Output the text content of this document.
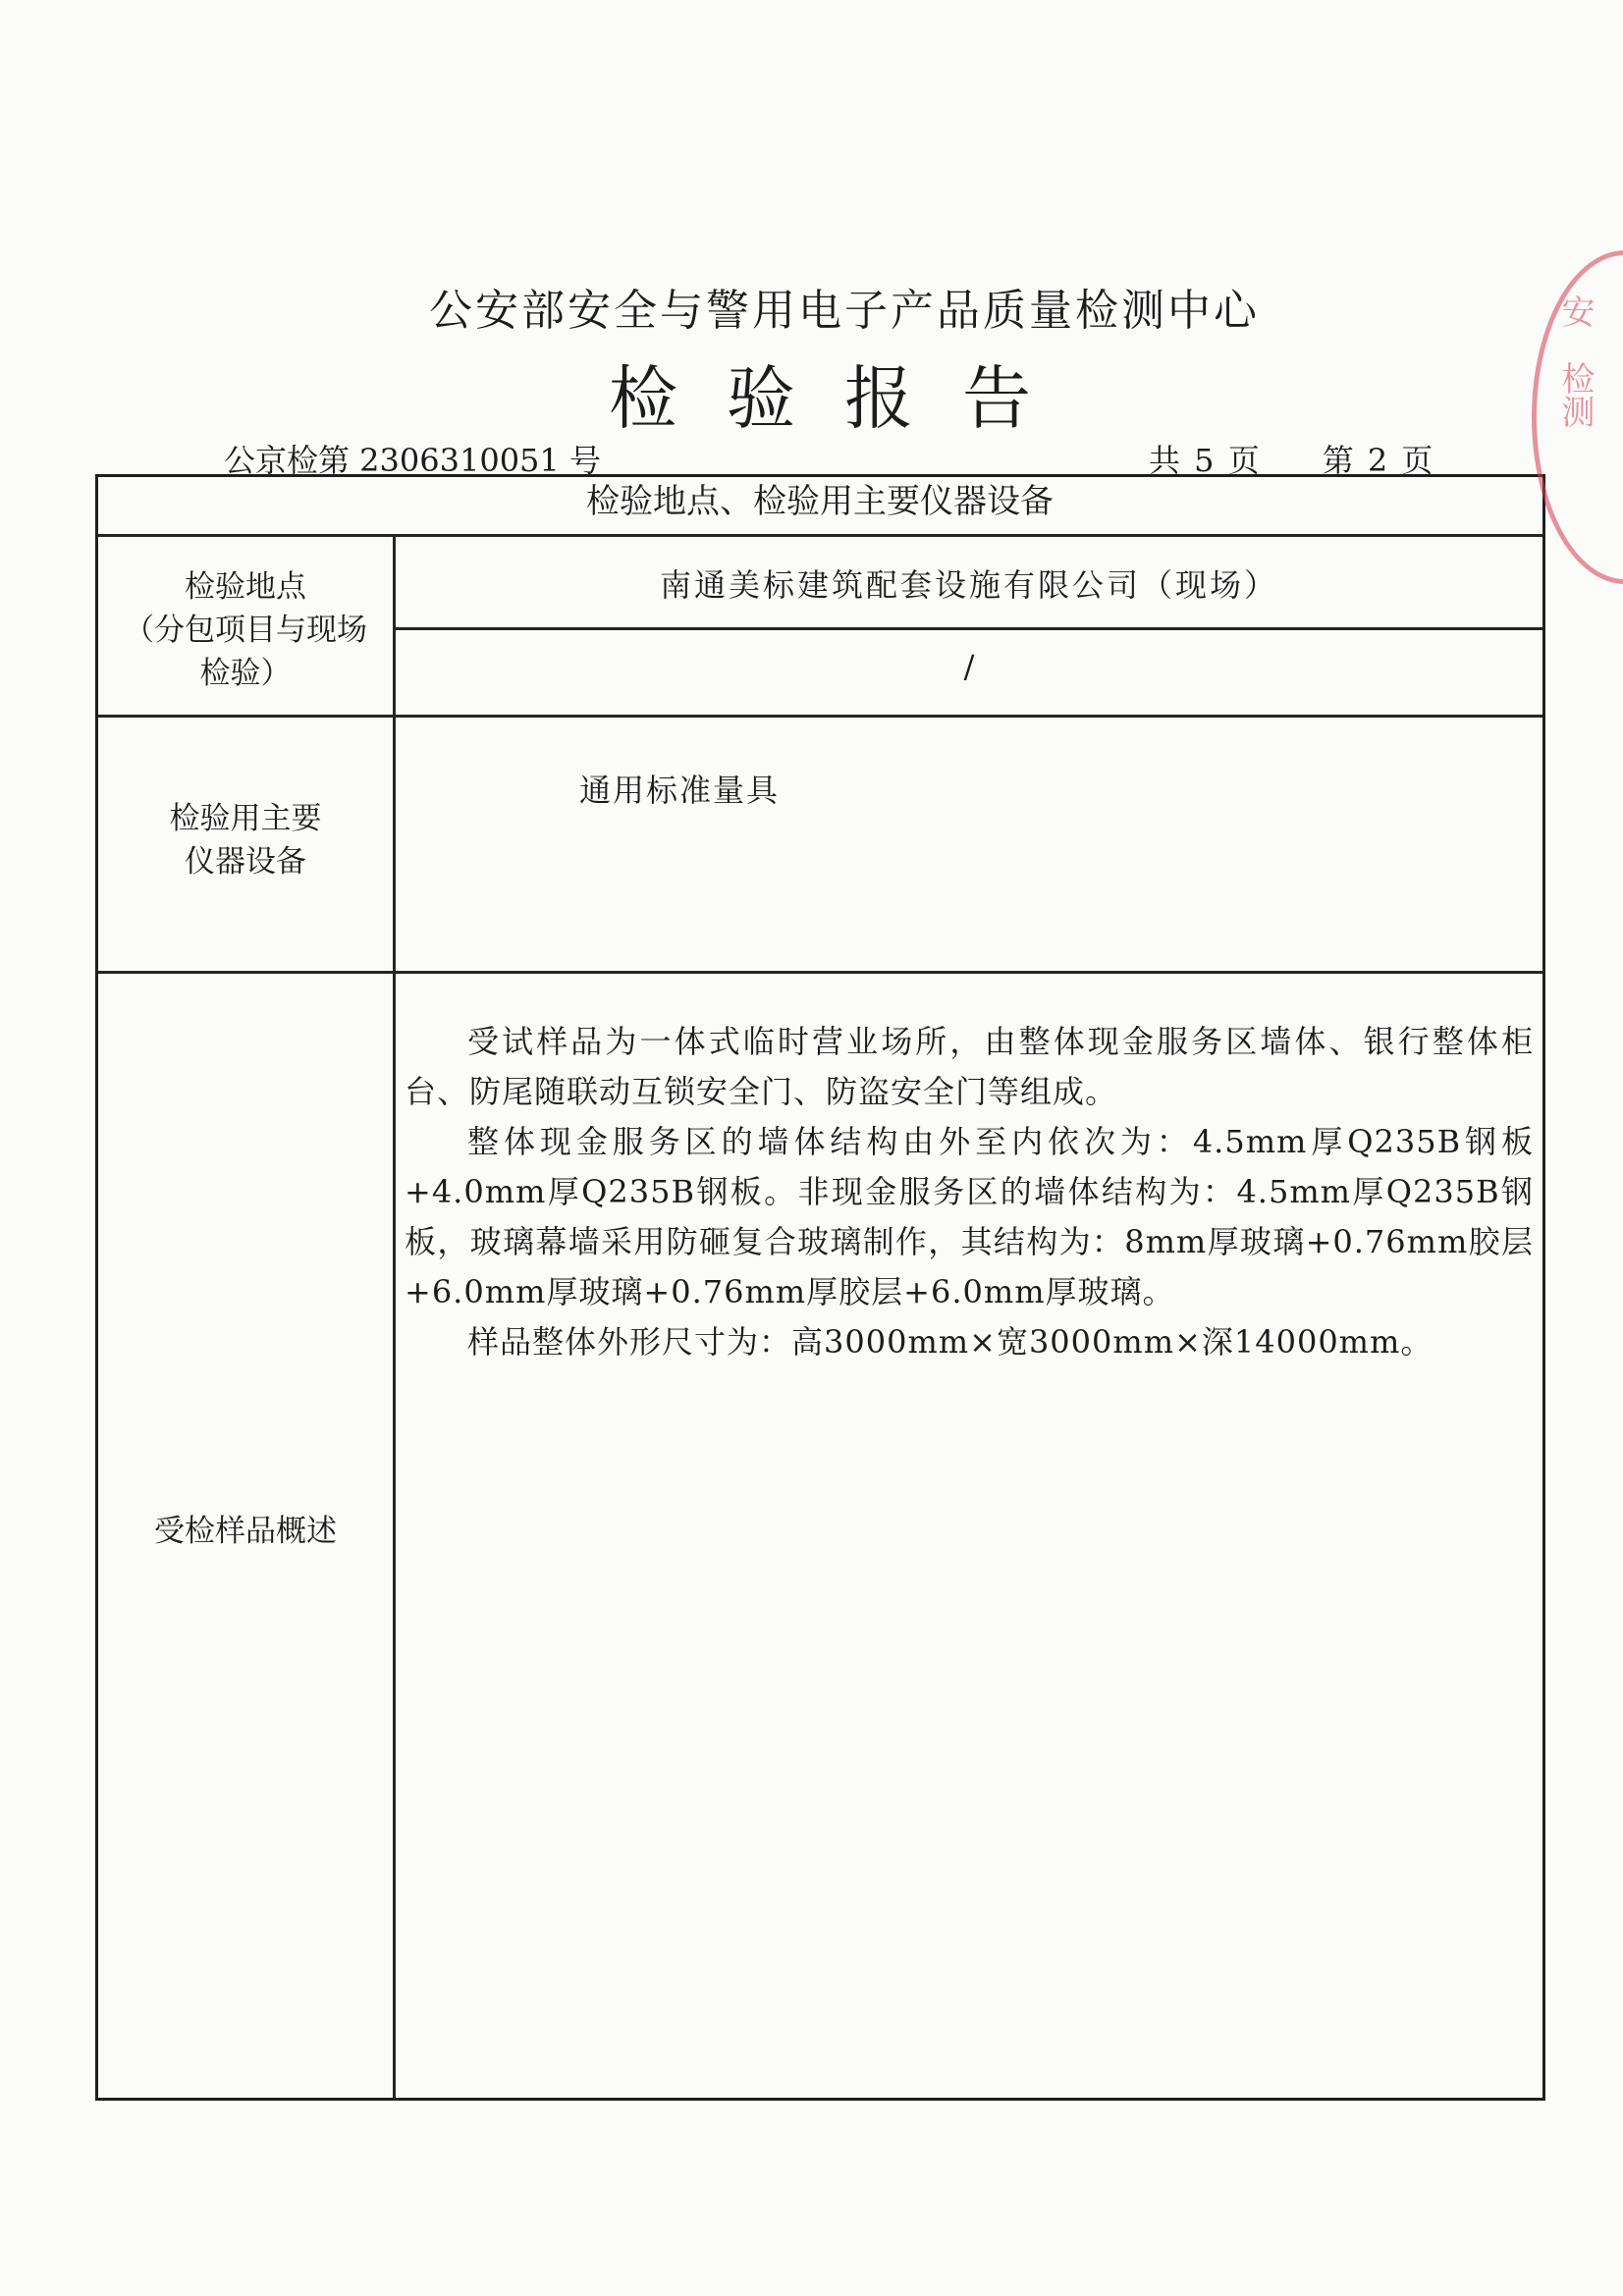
公安部安全与警用电子产品质量检测中心
检验报告
公京检第 2306310051 号	共 5 页　　第 2 页
检验地点、检验用主要仪器设备
检验地点
（分包项目与现场
检验）
南通美标建筑配套设施有限公司（现场）
/
检验用主要
仪器设备
通用标准量具
受检样品概述

受试样品为一体式临时营业场所，由整体现金服务区墙体、银行整体柜台、防尾随联动互锁安全门、防盗安全门等组成。

整体现金服务区的墙体结构由外至内依次为：4.5mm厚Q235B钢板+4.0mm厚Q235B钢板。非现金服务区的墙体结构为：4.5mm厚Q235B钢板，玻璃幕墙采用防砸复合玻璃制作，其结构为：8mm厚玻璃+0.76mm胶层+6.0mm厚玻璃+0.76mm厚胶层+6.0mm厚玻璃。

样品整体外形尺寸为：高3000mm×宽3000mm×深14000mm。

安　检测
